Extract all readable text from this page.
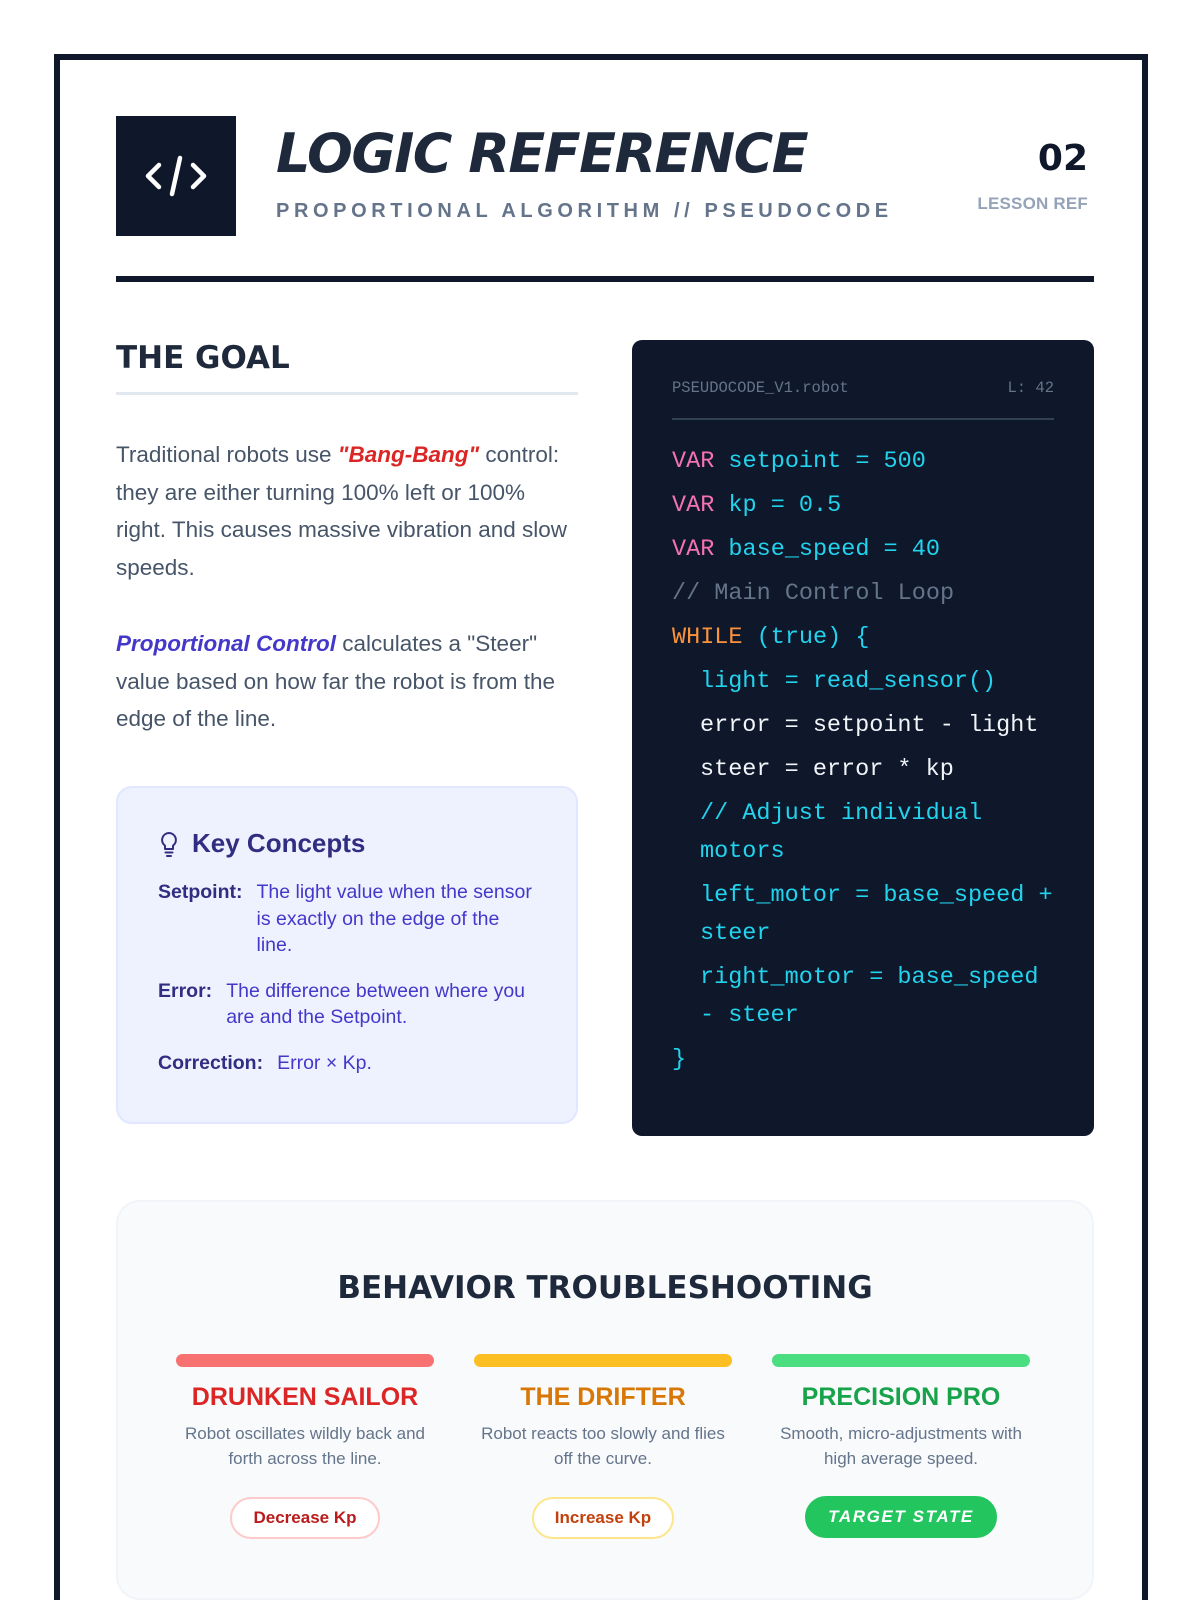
LOGIC REFERENCE
PROPORTIONAL ALGORITHM // PSEUDOCODE
02
LESSON REF
THE GOAL

Traditional robots use "Bang-Bang" control: they are either turning 100% left or 100% right. This causes massive vibration and slow speeds.

Proportional Control calculates a "Steer" value based on how far the robot is from the edge of the line.

Key Concepts
Setpoint: The light value when the sensor is exactly on the edge of the line.
Error: The difference between where you are and the Setpoint.
Correction: Error × Kp.
PSEUDOCODE_V1.robot	L: 42
VAR setpoint = 500
VAR kp = 0.5
VAR base_speed = 40
// Main Control Loop
WHILE (true) {
light = read_sensor()
error = setpoint - light
steer = error * kp
// Adjust individual motors
left_motor = base_speed + steer
right_motor = base_speed - steer
}
BEHAVIOR TROUBLESHOOTING
DRUNKEN SAILOR
Robot oscillates wildly back and forth across the line.
Decrease Kp
THE DRIFTER
Robot reacts too slowly and flies off the curve.
Increase Kp
PRECISION PRO
Smooth, micro-adjustments with high average speed.
TARGET STATE
